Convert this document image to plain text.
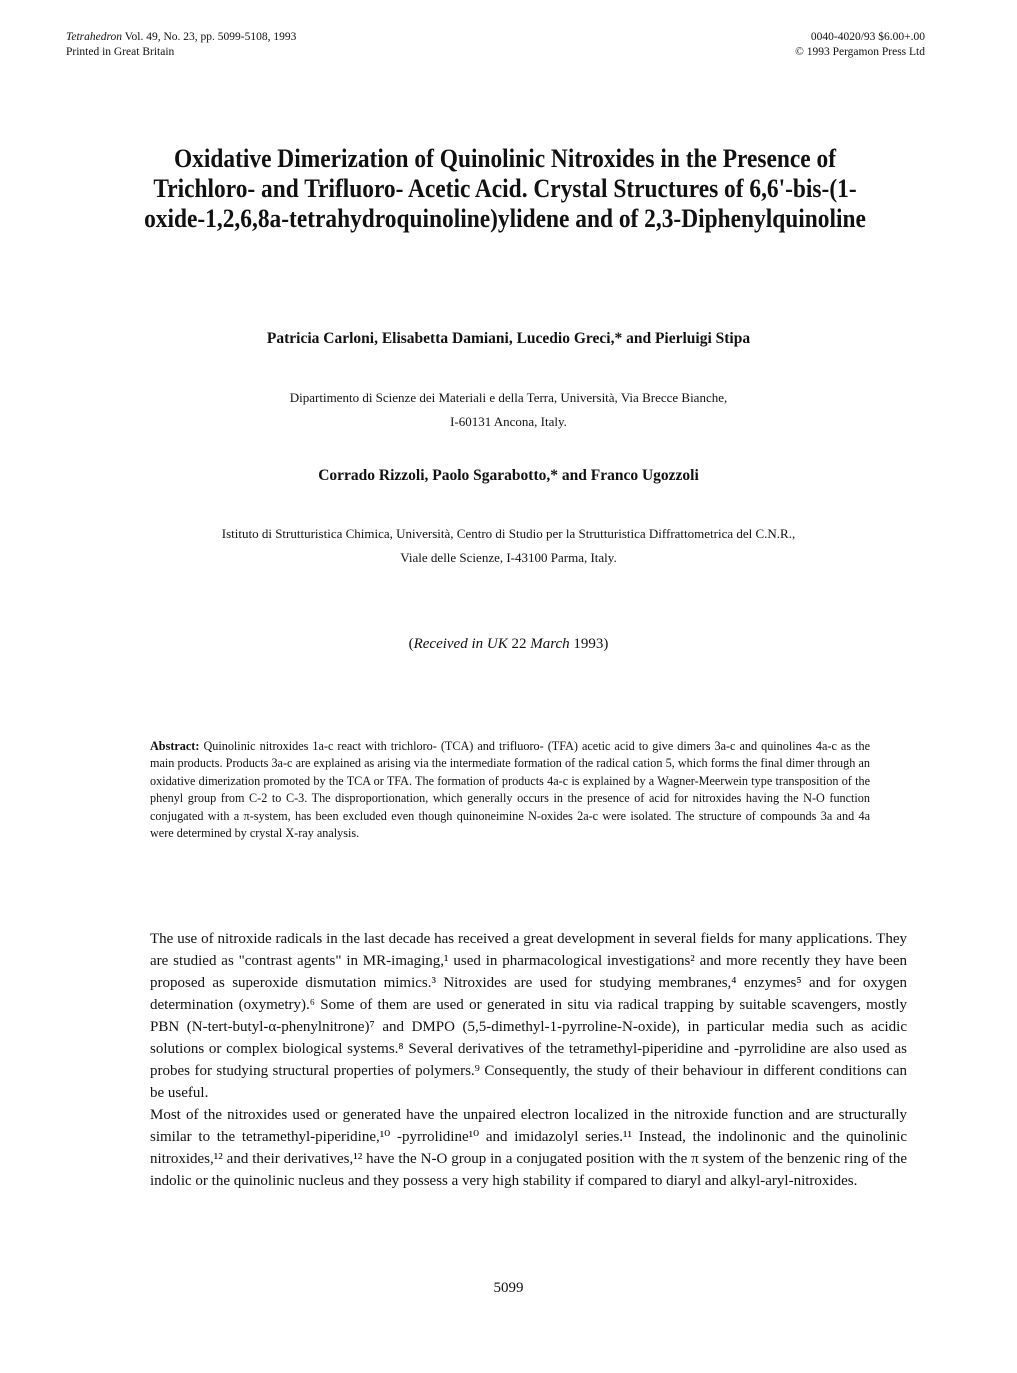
Tetrahedron Vol. 49, No. 23, pp. 5099-5108, 1993
Printed in Great Britain
0040-4020/93 $6.00+.00
© 1993 Pergamon Press Ltd
Oxidative Dimerization of Quinolinic Nitroxides in the Presence of Trichloro- and Trifluoro- Acetic Acid. Crystal Structures of 6,6'-bis-(1-oxide-1,2,6,8a-tetrahydroquinoline)ylidene and of 2,3-Diphenylquinoline
Patricia Carloni, Elisabetta Damiani, Lucedio Greci,* and Pierluigi Stipa
Dipartimento di Scienze dei Materiali e della Terra, Università, Via Brecce Bianche,
I-60131 Ancona, Italy.
Corrado Rizzoli, Paolo Sgarabotto,* and Franco Ugozzoli
Istituto di Strutturistica Chimica, Università, Centro di Studio per la Strutturistica Diffrattometrica del C.N.R.,
Viale delle Scienze, I-43100 Parma, Italy.
(Received in UK 22 March 1993)
Abstract: Quinolinic nitroxides 1a-c react with trichloro- (TCA) and trifluoro- (TFA) acetic acid to give dimers 3a-c and quinolines 4a-c as the main products. Products 3a-c are explained as arising via the intermediate formation of the radical cation 5, which forms the final dimer through an oxidative dimerization promoted by the TCA or TFA. The formation of products 4a-c is explained by a Wagner-Meerwein type transposition of the phenyl group from C-2 to C-3. The disproportionation, which generally occurs in the presence of acid for nitroxides having the N-O function conjugated with a π-system, has been excluded even though quinoneimine N-oxides 2a-c were isolated. The structure of compounds 3a and 4a were determined by crystal X-ray analysis.

The use of nitroxide radicals in the last decade has received a great development in several fields for many applications. They are studied as "contrast agents" in MR-imaging,¹ used in pharmacological investigations² and more recently they have been proposed as superoxide dismutation mimics.³ Nitroxides are used for studying membranes,⁴ enzymes⁵ and for oxygen determination (oxymetry).⁶ Some of them are used or generated in situ via radical trapping by suitable scavengers, mostly PBN (N-tert-butyl-α-phenylnitrone)⁷ and DMPO (5,5-dimethyl-1-pyrroline-N-oxide), in particular media such as acidic solutions or complex biological systems.⁸ Several derivatives of the tetramethyl-piperidine and -pyrrolidine are also used as probes for studying structural properties of polymers.⁹ Consequently, the study of their behaviour in different conditions can be useful.

Most of the nitroxides used or generated have the unpaired electron localized in the nitroxide function and are structurally similar to the tetramethyl-piperidine,¹⁰ -pyrrolidine¹⁰ and imidazolyl series.¹¹ Instead, the indolinonic and the quinolinic nitroxides,¹² and their derivatives,¹² have the N-O group in a conjugated position with the π system of the benzenic ring of the indolic or the quinolinic nucleus and they possess a very high stability if compared to diaryl and alkyl-aryl-nitroxides.

5099
